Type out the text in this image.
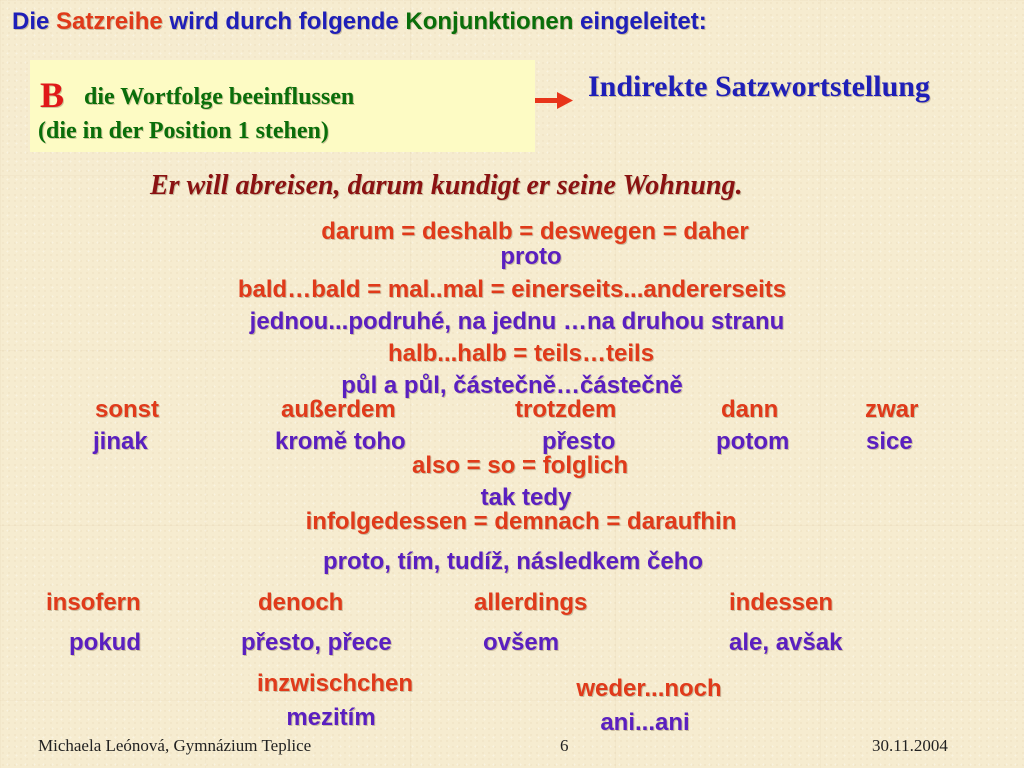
Die Satzreihe wird durch folgende Konjunktionen eingeleitet:
B die Wortfolge beeinflussen
(die in der Position 1 stehen)
Indirekte Satzwortstellung
Er will abreisen, darum kundigt er seine Wohnung.
darum = deshalb = deswegen = daher
proto
bald…bald = mal..mal = einerseits...andererseits
jednou...podruhé, na jednu …na druhou stranu
halb...halb = teils…teils
půl a půl, částečně…částečně
sonst	außerdem	trotzdem	dann	zwar
jinak	kromě toho	přesto	potom	sice
also = so = folglich
tak tedy
infolgedessen = demnach = daraufhin
proto, tím, tudíž, následkem čeho
insofern	denoch	allerdings	indessen
pokud	přesto, přece	ovšem	ale, avšak
inzwischchen
mezitím
weder...noch
ani...ani
Michaela Leónová, Gymnázium Teplice	6	30.11.2004
